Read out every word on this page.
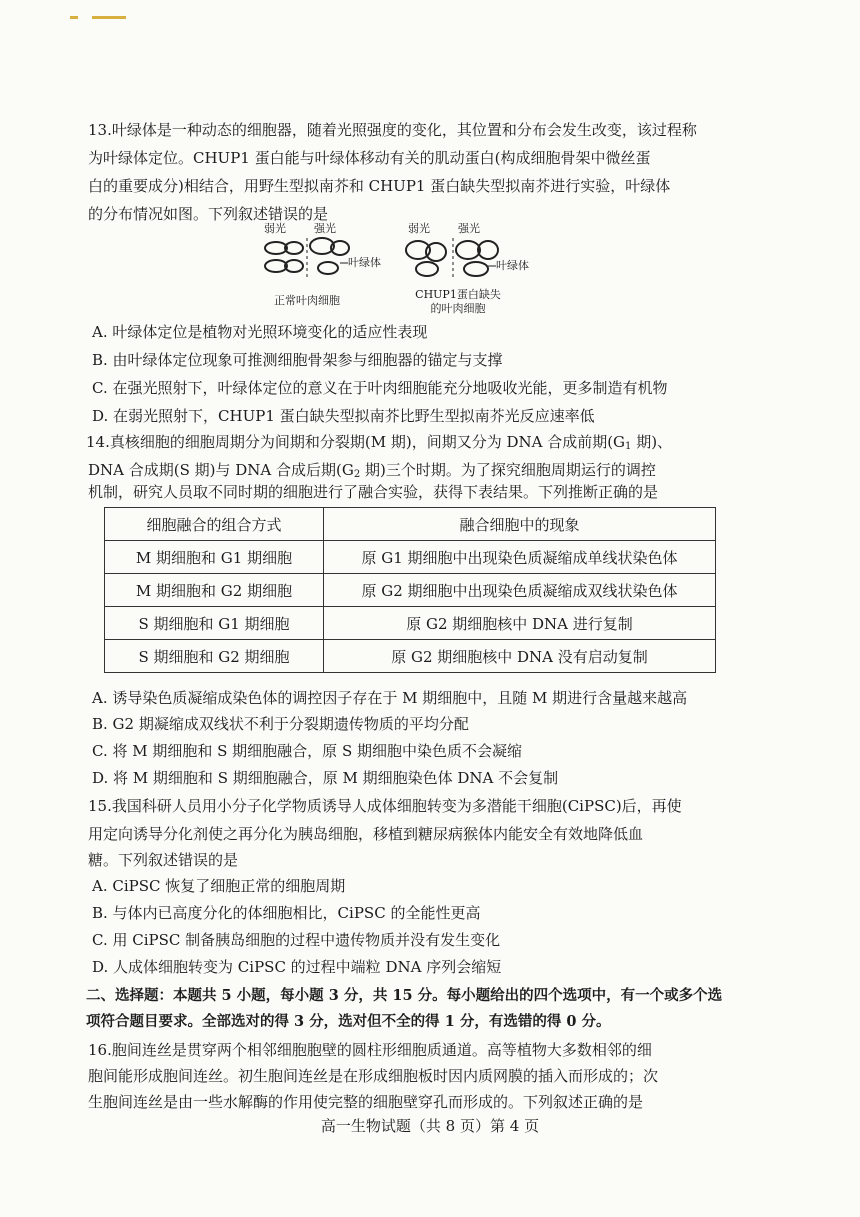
13.叶绿体是一种动态的细胞器，随着光照强度的变化，其位置和分布会发生改变，该过程称

为叶绿体定位。CHUP1 蛋白能与叶绿体移动有关的肌动蛋白(构成细胞骨架中微丝蛋

白的重要成分)相结合，用野生型拟南芥和 CHUP1 蛋白缺失型拟南芥进行实验，叶绿体

的分布情况如图。下列叙述错误的是

弱光	强光	弱光	强光
叶绿体	叶绿体
正常叶肉细胞	CHUP1蛋白缺失
的叶肉细胞

A. 叶绿体定位是植物对光照环境变化的适应性表现

B. 由叶绿体定位现象可推测细胞骨架参与细胞器的锚定与支撑

C. 在强光照射下，叶绿体定位的意义在于叶肉细胞能充分地吸收光能，更多制造有机物

D. 在弱光照射下，CHUP1 蛋白缺失型拟南芥比野生型拟南芥光反应速率低

14.真核细胞的细胞周期分为间期和分裂期(M 期)，间期又分为 DNA 合成前期($G_1$ 期)、

DNA 合成期(S 期)与 DNA 合成后期($G_2$ 期)三个时期。为了探究细胞周期运行的调控

机制，研究人员取不同时期的细胞进行了融合实验，获得下表结果。下列推断正确的是

细胞融合的组合方式	融合细胞中的现象
M 期细胞和 G1 期细胞	原 G1 期细胞中出现染色质凝缩成单线状染色体
M 期细胞和 G2 期细胞	原 G2 期细胞中出现染色质凝缩成双线状染色体
S 期细胞和 G1 期细胞	原 G2 期细胞核中 DNA 进行复制
S 期细胞和 G2 期细胞	原 G2 期细胞核中 DNA 没有启动复制

A. 诱导染色质凝缩成染色体的调控因子存在于 M 期细胞中，且随 M 期进行含量越来越高

B. G2 期凝缩成双线状不利于分裂期遗传物质的平均分配

C. 将 M 期细胞和 S 期细胞融合，原 S 期细胞中染色质不会凝缩

D. 将 M 期细胞和 S 期细胞融合，原 M 期细胞染色体 DNA 不会复制

15.我国科研人员用小分子化学物质诱导人成体细胞转变为多潜能干细胞(CiPSC)后，再使

用定向诱导分化剂使之再分化为胰岛细胞，移植到糖尿病猴体内能安全有效地降低血

糖。下列叙述错误的是

A. CiPSC 恢复了细胞正常的细胞周期

B. 与体内已高度分化的体细胞相比，CiPSC 的全能性更高

C. 用 CiPSC 制备胰岛细胞的过程中遗传物质并没有发生变化

D. 人成体细胞转变为 CiPSC 的过程中端粒 DNA 序列会缩短

二、选择题：本题共 5 小题，每小题 3 分，共 15 分。每小题给出的四个选项中，有一个或多个选

项符合题目要求。全部选对的得 3 分，选对但不全的得 1 分，有选错的得 0 分。

16.胞间连丝是贯穿两个相邻细胞胞壁的圆柱形细胞质通道。高等植物大多数相邻的细

胞间能形成胞间连丝。初生胞间连丝是在形成细胞板时因内质网膜的插入而形成的；次

生胞间连丝是由一些水解酶的作用使完整的细胞壁穿孔而形成的。下列叙述正确的是

高一生物试题（共 8 页）第 4 页
